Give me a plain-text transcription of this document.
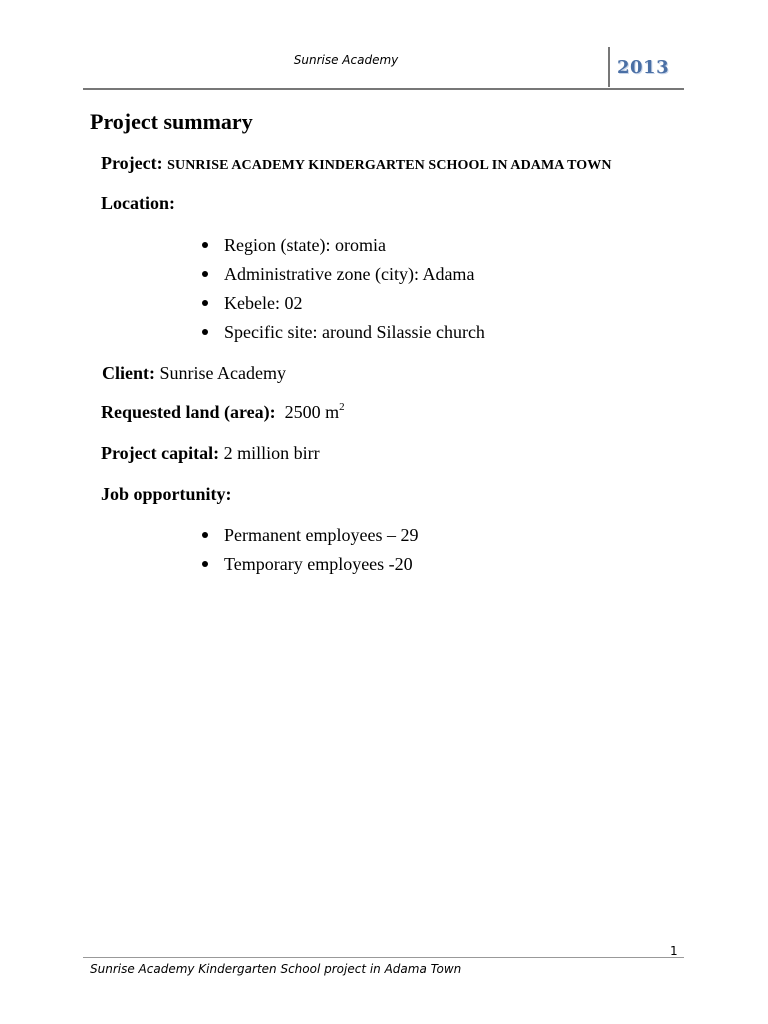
Sunrise Academy	2013
Project summary
Project: SUNRISE ACADEMY KINDERGARTEN SCHOOL IN ADAMA TOWN
Location:
Region (state): oromia
Administrative zone (city): Adama
Kebele: 02
Specific site: around Silassie church
Client: Sunrise Academy
Requested land (area): 2500 $m^2$
Project capital: 2 million birr
Job opportunity:
Permanent employees – 29
Temporary employees -20
1
Sunrise Academy Kindergarten School project in Adama Town
